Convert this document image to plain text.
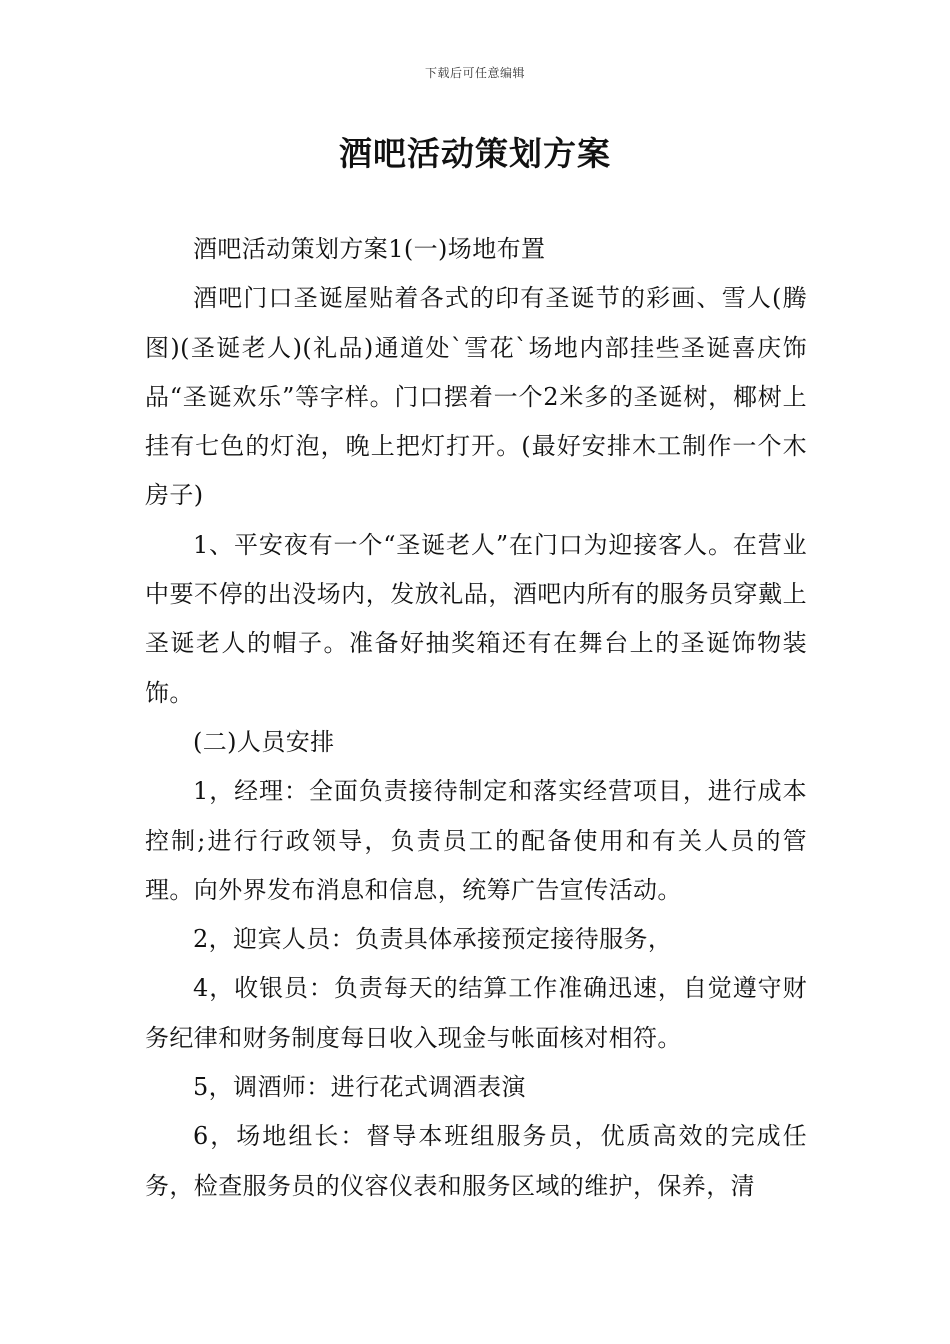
下载后可任意编辑
酒吧活动策划方案

酒吧活动策划方案1(一)场地布置

酒吧门口圣诞屋贴着各式的印有圣诞节的彩画、雪人(腾图)(圣诞老人)(礼品)通道处`雪花`场地内部挂些圣诞喜庆饰品“圣诞欢乐”等字样。门口摆着一个2米多的圣诞树，椰树上挂有七色的灯泡，晚上把灯打开。(最好安排木工制作一个木房子)

1、平安夜有一个“圣诞老人”在门口为迎接客人。在营业中要不停的出没场内，发放礼品，酒吧内所有的服务员穿戴上圣诞老人的帽子。准备好抽奖箱还有在舞台上的圣诞饰物装饰。

(二)人员安排

1，经理：全面负责接待制定和落实经营项目，进行成本控制;进行行政领导，负责员工的配备使用和有关人员的管理。向外界发布消息和信息，统筹广告宣传活动。

2，迎宾人员：负责具体承接预定接待服务，

4，收银员：负责每天的结算工作准确迅速，自觉遵守财务纪律和财务制度每日收入现金与帐面核对相符。

5，调酒师：进行花式调酒表演

6，场地组长：督导本班组服务员，优质高效的完成任务，检查服务员的仪容仪表和服务区域的维护，保养，清
